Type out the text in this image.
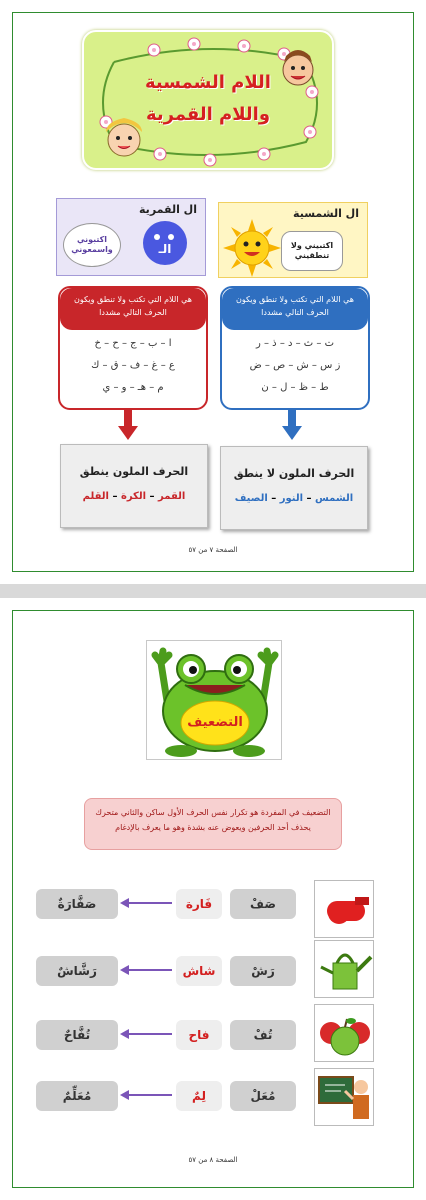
اللام الشمسية
واللام القمرية
ال القمرية
اكتبوني واسمعوني	الـ
ال الشمسية
اكتبيني ولا تنطقيني
هي اللام التي تكتب ولا تنطق ويكون الحرف التالي مشددا
ا – ب – ج – ح – خ
ع – غ – ف – ق – ك
م – هـ – و – ي
هي اللام التي تكتب ولا تنطق ويكون الحرف التالي مشددا
ت – ث – د – ذ – ر
ز س – ش – ص – ض
ط – ظ – ل – ن
الحرف الملون ينطق
القمر – الكرة – القلم
الحرف الملون لا ينطق
الشمس – النور – الصيف
الصفحة ٧ من ٥٧
الصفحة ٨ من ٥٧
التضعيف
التضعيف في المفردة هو تكرار نفس الحرف الأول ساكن والثاني متحرك
يحذف أحد الحرفين ويعوض عنه بشدة وهو ما يعرف بالإدغام
صَفْ
فَارة
صَفَّارَةٌ
رَشْ
شاش
رَشَّاشٌ
تُفْ
فاح
تُفَّاحٌ
مُعَلْ
لِمٌ
مُعَلِّمٌ
